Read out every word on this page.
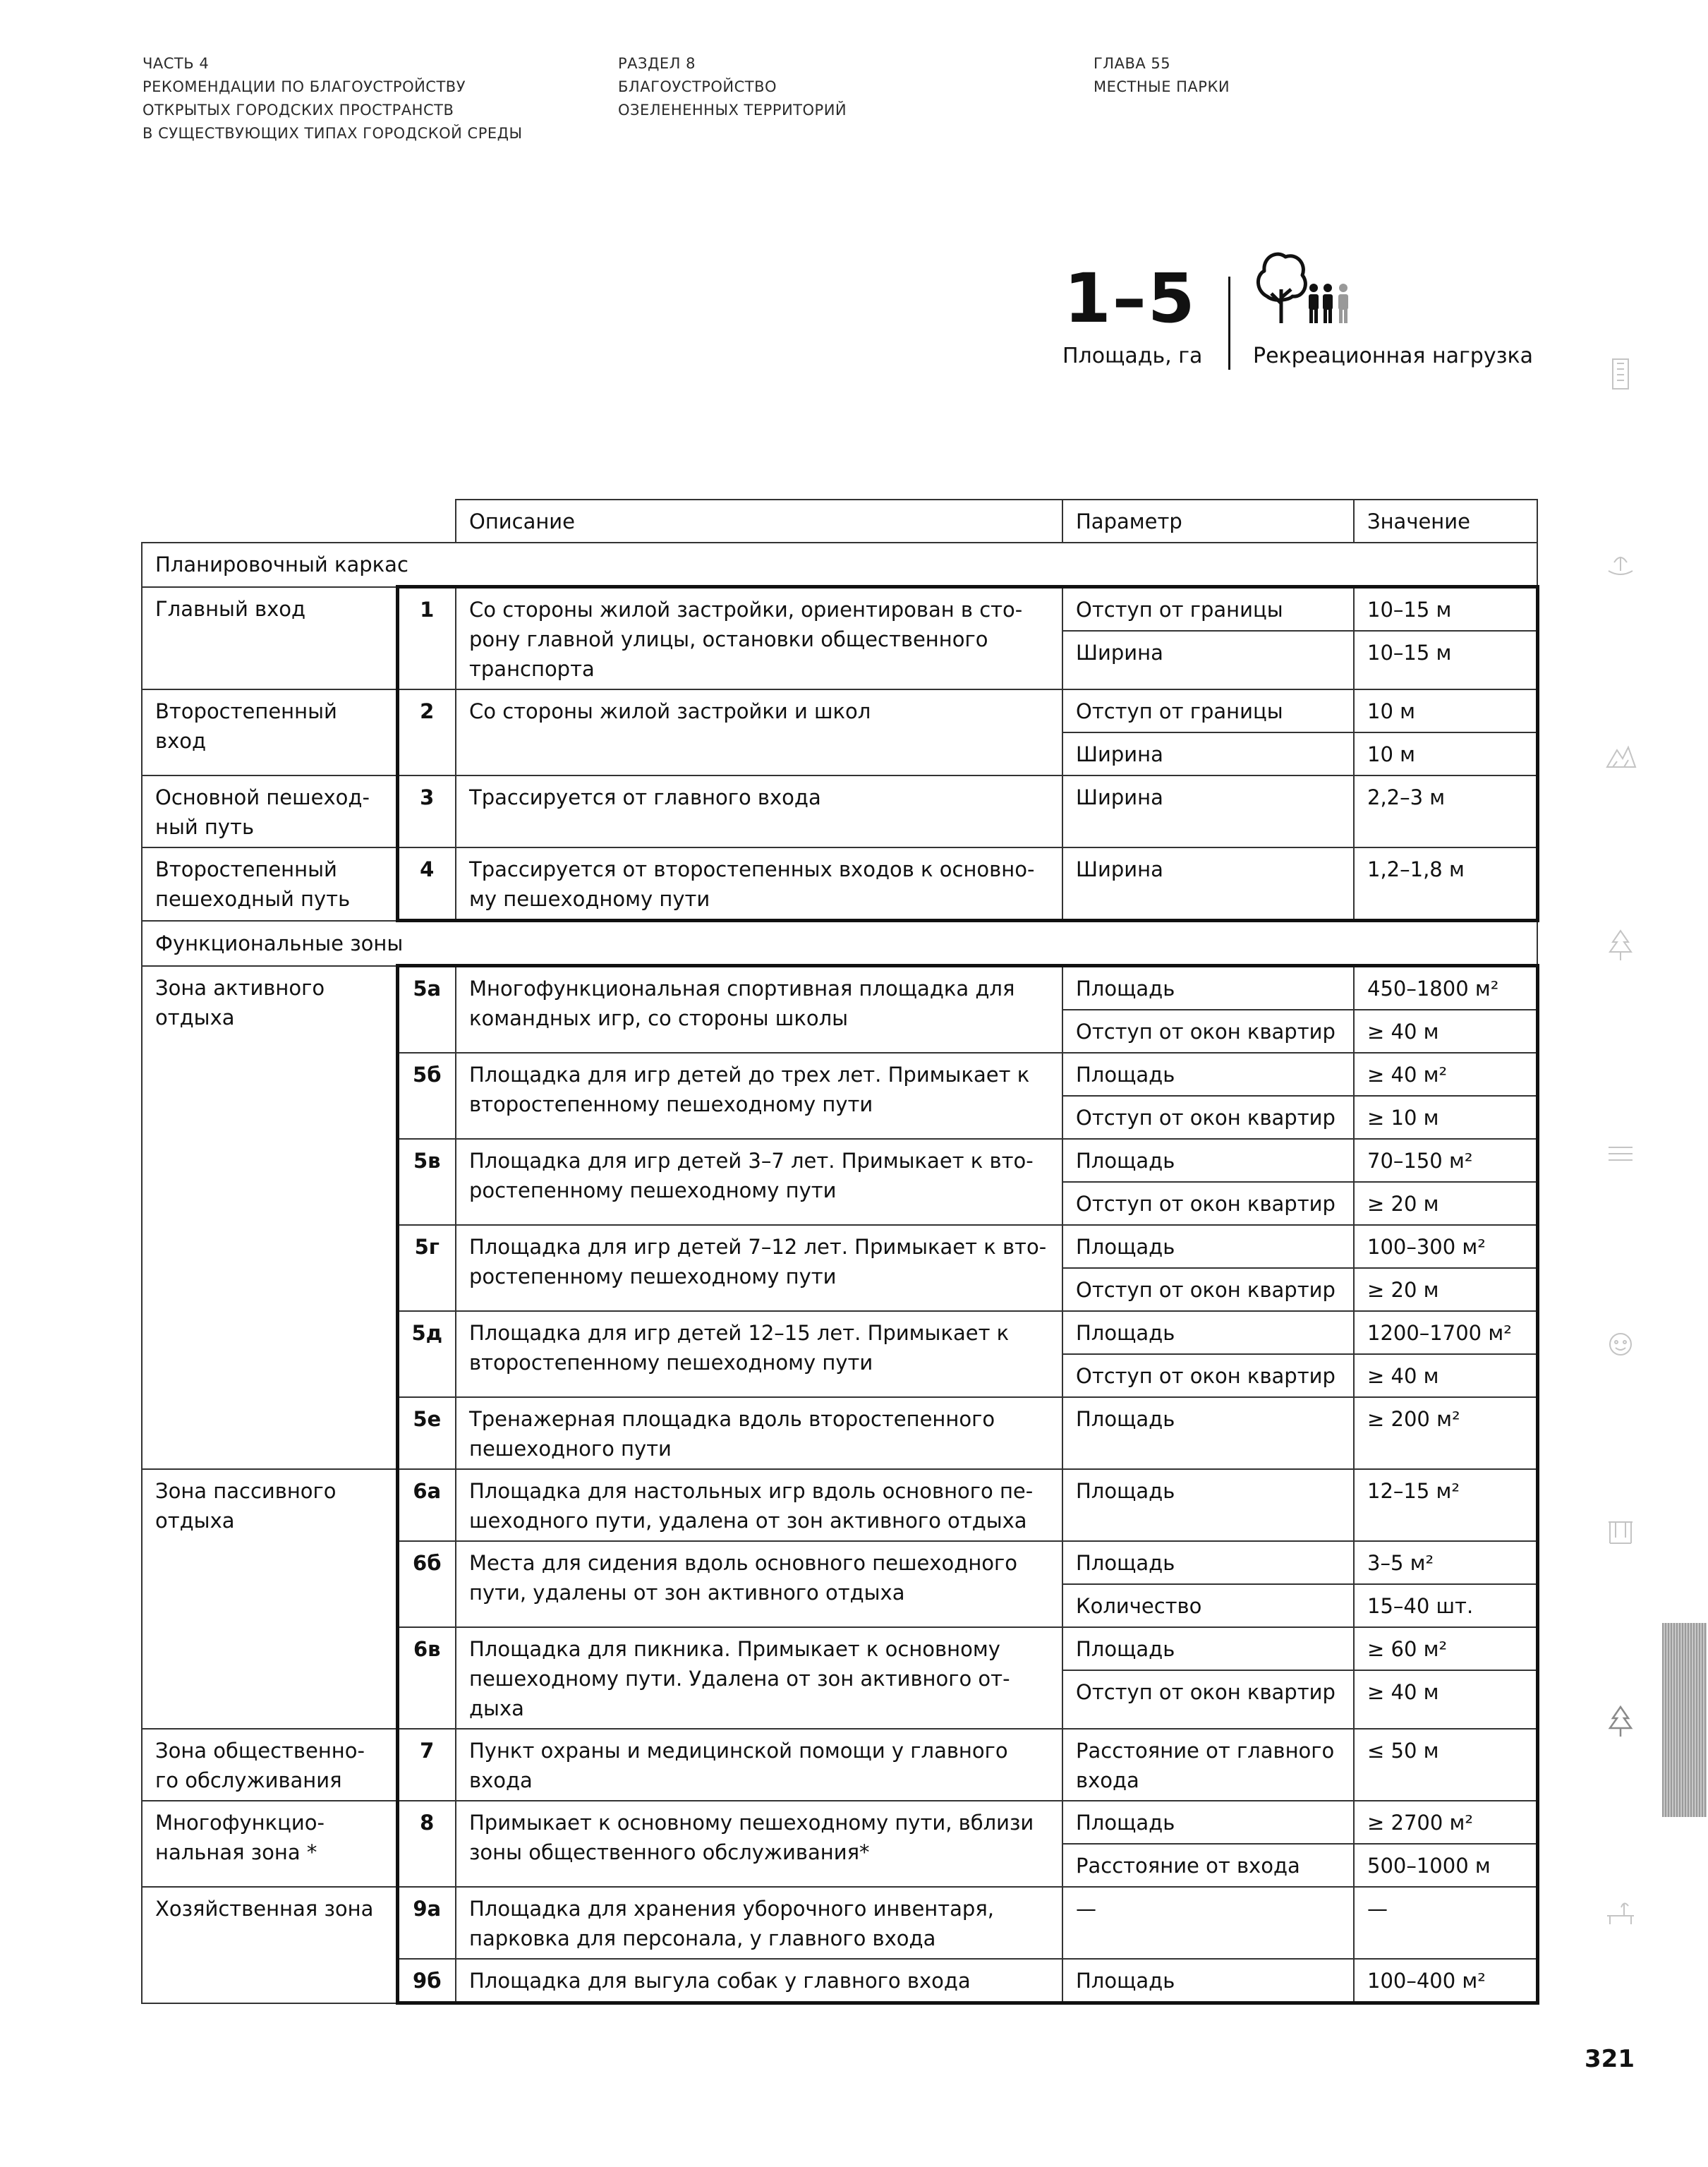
ЧАСТЬ 4
РЕКОМЕНДАЦИИ ПО БЛАГОУСТРОЙСТВУ
ОТКРЫТЫХ ГОРОДСКИХ ПРОСТРАНСТВ
В СУЩЕСТВУЮЩИХ ТИПАХ ГОРОДСКОЙ СРЕДЫ
РАЗДЕЛ 8
БЛАГОУСТРОЙСТВО
ОЗЕЛЕНЕННЫХ ТЕРРИТОРИЙ
ГЛАВА 55
МЕСТНЫЕ ПАРКИ
1–5
Площадь, га Рекреационная нагрузка
		Описание	Параметр	Значение
Планировочный каркас				
Главный вход	1	Со стороны жилой застройки, ориентирован в сто-рону главной улицы, остановки общественного транспорта	Отступ от границы	10–15 м
			Ширина	10–15 м
Второстепенный вход	2	Со стороны жилой застройки и школ	Отступ от границы	10 м
			Ширина	10 м
Основной пешеход-ный путь	3	Трассируется от главного входа	Ширина	2,2–3 м
Второстепенный пешеходный путь	4	Трассируется от второстепенных входов к основно-му пешеходному пути	Ширина	1,2–1,8 м
Функциональные зоны				
Зона активного отдыха	5а	Многофункциональная спортивная площадка для командных игр, со стороны школы	Площадь	450–1800 м²
			Отступ от окон квартир	≥ 40 м
	5б	Площадка для игр детей до трех лет. Примыкает к второстепенному пешеходному пути	Площадь	≥ 40 м²
			Отступ от окон квартир	≥ 10 м
	5в	Площадка для игр детей 3–7 лет. Примыкает к вто-ростепенному пешеходному пути	Площадь	70–150 м²
			Отступ от окон квартир	≥ 20 м
	5г	Площадка для игр детей 7–12 лет. Примыкает к вто-ростепенному пешеходному пути	Площадь	100–300 м²
			Отступ от окон квартир	≥ 20 м
	5д	Площадка для игр детей 12–15 лет. Примыкает к второстепенному пешеходному пути	Площадь	1200–1700 м²
			Отступ от окон квартир	≥ 40 м
	5е	Тренажерная площадка вдоль второстепенного пешеходного пути	Площадь	≥ 200 м²
Зона пассивного отдыха	6а	Площадка для настольных игр вдоль основного пе-шеходного пути, удалена от зон активного отдыха	Площадь	12–15 м²
	6б	Места для сидения вдоль основного пешеходного пути, удалены от зон активного отдыха	Площадь	3–5 м²
			Количество	15–40 шт.
	6в	Площадка для пикника. Примыкает к основному пешеходному пути. Удалена от зон активного от-дыха	Площадь	≥ 60 м²
			Отступ от окон квартир	≥ 40 м
Зона общественно-го обслуживания	7	Пункт охраны и медицинской помощи у главного входа	Расстояние от главного входа	≤ 50 м
Многофункцио-нальная зона *	8	Примыкает к основному пешеходному пути, вблизи зоны общественного обслуживания*	Площадь	≥ 2700 м²
			Расстояние от входа	500–1000 м
Хозяйственная зона	9а	Площадка для хранения уборочного инвентаря, парковка для персонала, у главного входа	—	—
	9б	Площадка для выгула собак у главного входа	Площадь	100–400 м²
321
